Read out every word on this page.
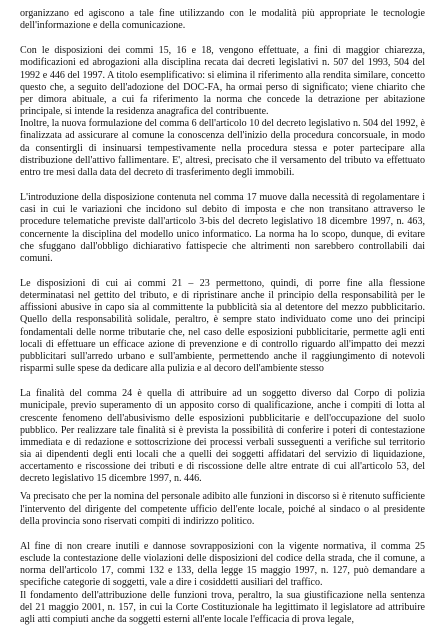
organizzano ed agiscono a tale fine utilizzando con le modalità più appropriate le tecnologie dell'informazione e della comunicazione.

Con le disposizioni dei commi 15, 16 e 18, vengono effettuate, a fini di maggior chiarezza, modificazioni ed abrogazioni alla disciplina recata dai decreti legislativi n. 507 del 1993, 504 del 1992 e 446 del 1997. A titolo esemplificativo: si elimina il riferimento alla rendita similare, concetto questo che, a seguito dell'adozione del DOC-FA, ha ormai perso di significato; viene chiarito che per dimora abituale, a cui fa riferimento la norma che concede la detrazione per abitazione principale, si intende la residenza anagrafica del contribuente.

Inoltre, la nuova formulazione del comma 6 dell'articolo 10 del decreto legislativo n. 504 del 1992, è finalizzata ad assicurare al comune la conoscenza dell'inizio della procedura concorsuale, in modo da consentirgli di insinuarsi tempestivamente nella procedura stessa e poter partecipare alla distribuzione dell'attivo fallimentare. E', altresì, precisato che il versamento del tributo va effettuato entro tre mesi dalla data del decreto di trasferimento degli immobili.

L'introduzione della disposizione contenuta nel comma 17 muove dalla necessità di regolamentare i casi in cui le variazioni che incidono sul debito di imposta e che non transitano attraverso le procedure telematiche previste dall'articolo 3-bis del decreto legislativo 18 dicembre 1997, n. 463, concernente la disciplina del modello unico informatico. La norma ha lo scopo, dunque, di evitare che sfuggano dall'obbligo dichiarativo fattispecie che altrimenti non sarebbero controllabili dai comuni.

Le disposizioni di cui ai commi 21 – 23 permettono, quindi, di porre fine alla flessione determinatasi nel gettito del tributo, e di ripristinare anche il principio della responsabilità per le affissioni abusive in capo sia al committente la pubblicità sia al detentore del mezzo pubblicitario. Quello della responsabilità solidale, peraltro, è sempre stato individuato come uno dei principi fondamentali delle norme tributarie che, nel caso delle esposizioni pubblicitarie, permette agli enti locali di effettuare un efficace azione di prevenzione e di controllo riguardo all'impatto dei mezzi pubblicitari sull'arredo urbano e sull'ambiente, permettendo anche il raggiungimento di notevoli risparmi sulle spese da dedicare alla pulizia e al decoro dell'ambiente stesso

La finalità del comma 24 è quella di attribuire ad un soggetto diverso dal Corpo di polizia municipale, previo superamento di un apposito corso di qualificazione, anche i compiti di lotta al crescente fenomeno dell'abusivismo delle esposizioni pubblicitarie e dell'occupazione del suolo pubblico. Per realizzare tale finalità si è prevista la possibilità di conferire i poteri di contestazione immediata e di redazione e sottoscrizione dei processi verbali susseguenti a verifiche sul territorio sia ai dipendenti degli enti locali che a quelli dei soggetti affidatari del servizio di liquidazione, accertamento e riscossione dei tributi e di riscossione delle altre entrate di cui all'articolo 53, del decreto legislativo 15 dicembre 1997, n. 446.

Va precisato che per la nomina del personale adibito alle funzioni in discorso si è ritenuto sufficiente l'intervento del dirigente del competente ufficio dell'ente locale, poiché al sindaco o al presidente della provincia sono riservati compiti di indirizzo politico.

Al fine di non creare inutili e dannose sovrapposizioni con la vigente normativa, il comma 25 esclude la contestazione delle violazioni delle disposizioni del codice della strada, che il comune, a norma dell'articolo 17, commi 132 e 133, della legge 15 maggio 1997, n. 127, può demandare a specifiche categorie di soggetti, vale a dire i cosiddetti ausiliari del traffico.

Il fondamento dell'attribuzione delle funzioni trova, peraltro, la sua giustificazione nella sentenza del 21 maggio 2001, n. 157, in cui la Corte Costituzionale ha legittimato il legislatore ad attribuire agli atti compiuti anche da soggetti esterni all'ente locale l'efficacia di prova legale,
